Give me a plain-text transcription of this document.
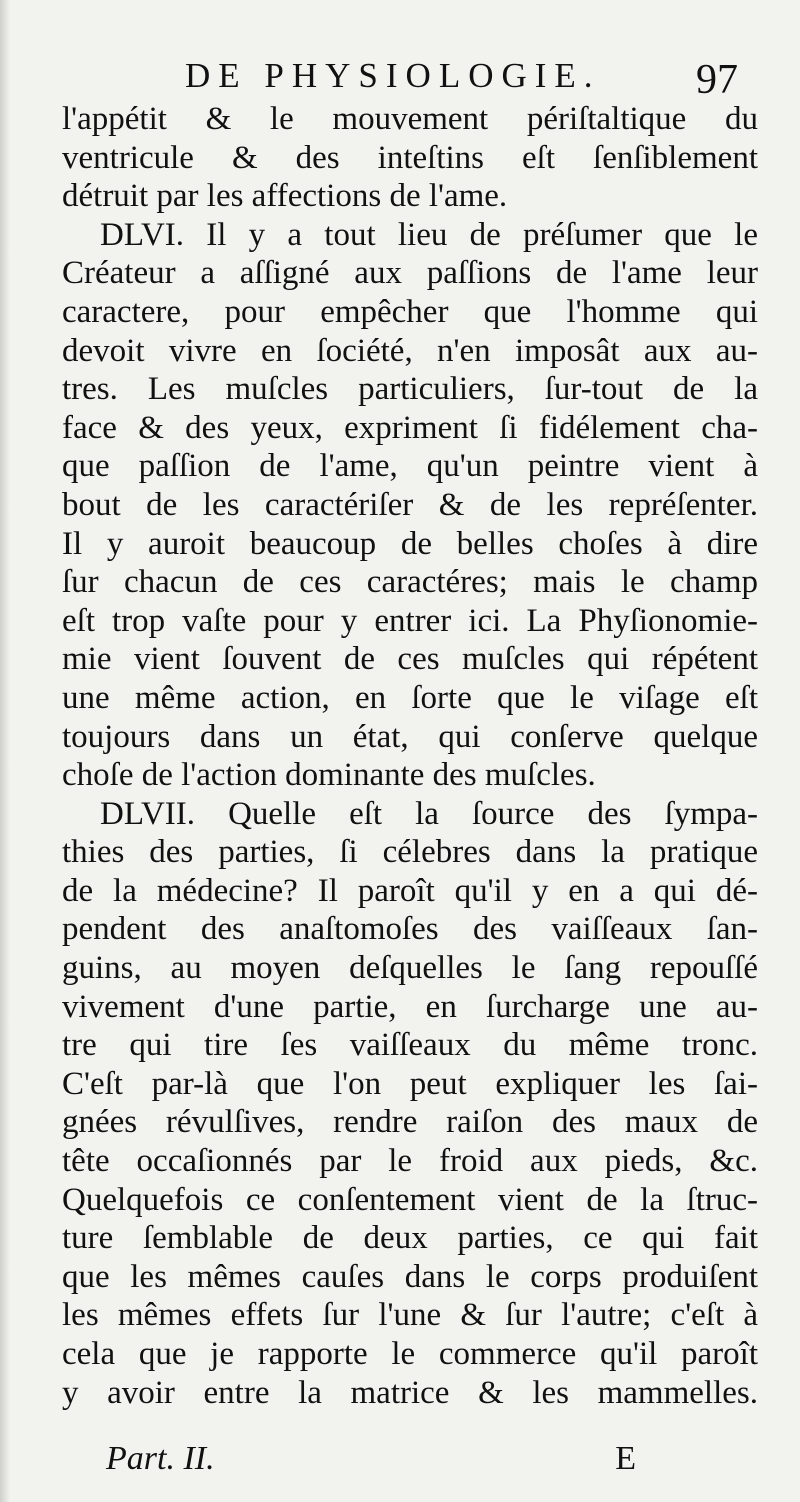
DE PHYSIOLOGIE. 97
l'appétit & le mouvement périſtaltique du
ventricule & des inteſtins eſt ſenſiblement
détruit par les affections de l'ame.
DLVI. Il y a tout lieu de préſumer que le
Créateur a aſſigné aux paſſions de l'ame leur
caractere, pour empêcher que l'homme qui
devoit vivre en ſociété, n'en imposât aux au-
tres. Les muſcles particuliers, ſur-tout de la
face & des yeux, expriment ſi fidélement cha-
que paſſion de l'ame, qu'un peintre vient à
bout de les caractériſer & de les repréſenter.
Il y auroit beaucoup de belles choſes à dire
ſur chacun de ces caractéres; mais le champ
eſt trop vaſte pour y entrer ici. La Phyſionomie-
mie vient ſouvent de ces muſcles qui répétent
une même action, en ſorte que le viſage eſt
toujours dans un état, qui conſerve quelque
choſe de l'action dominante des muſcles.
DLVII. Quelle eſt la ſource des ſympa-
thies des parties, ſi célebres dans la pratique
de la médecine? Il paroît qu'il y en a qui dé-
pendent des anaſtomoſes des vaiſſeaux ſan-
guins, au moyen deſquelles le ſang repouſſé
vivement d'une partie, en ſurcharge une au-
tre qui tire ſes vaiſſeaux du même tronc.
C'eſt par-là que l'on peut expliquer les ſai-
gnées révulſives, rendre raiſon des maux de
tête occaſionnés par le froid aux pieds, &c.
Quelquefois ce conſentement vient de la ſtruc-
ture ſemblable de deux parties, ce qui fait
que les mêmes cauſes dans le corps produiſent
les mêmes effets ſur l'une & ſur l'autre; c'eſt à
cela que je rapporte le commerce qu'il paroît
y avoir entre la matrice & les mammelles.
Part. II.	E
